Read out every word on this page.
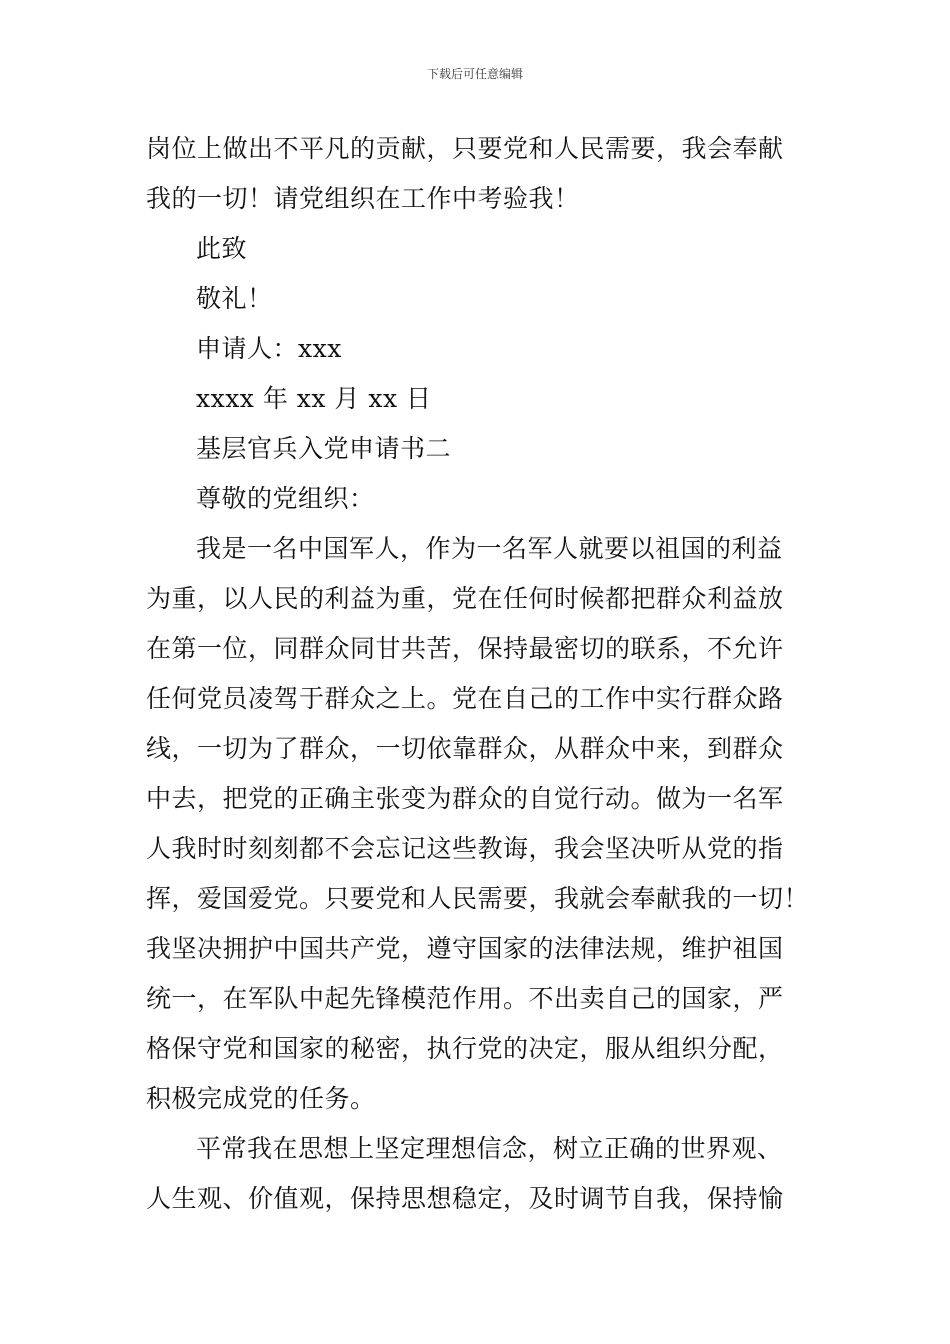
下载后可任意编辑
岗位上做出不平凡的贡献，只要党和人民需要，我会奉献
我的一切！请党组织在工作中考验我！
此致
敬礼！
申请人：xxx
xxxx 年 xx 月 xx 日
基层官兵入党申请书二
尊敬的党组织：
我是一名中国军人，作为一名军人就要以祖国的利益
为重，以人民的利益为重，党在任何时候都把群众利益放
在第一位，同群众同甘共苦，保持最密切的联系，不允许
任何党员凌驾于群众之上。党在自己的工作中实行群众路
线，一切为了群众，一切依靠群众，从群众中来，到群众
中去，把党的正确主张变为群众的自觉行动。做为一名军
人我时时刻刻都不会忘记这些教诲，我会坚决听从党的指
挥，爱国爱党。只要党和人民需要，我就会奉献我的一切！
我坚决拥护中国共产党，遵守国家的法律法规，维护祖国
统一，在军队中起先锋模范作用。不出卖自己的国家，严
格保守党和国家的秘密，执行党的决定，服从组织分配，
积极完成党的任务。
平常我在思想上坚定理想信念，树立正确的世界观、
人生观、价值观，保持思想稳定，及时调节自我，保持愉
